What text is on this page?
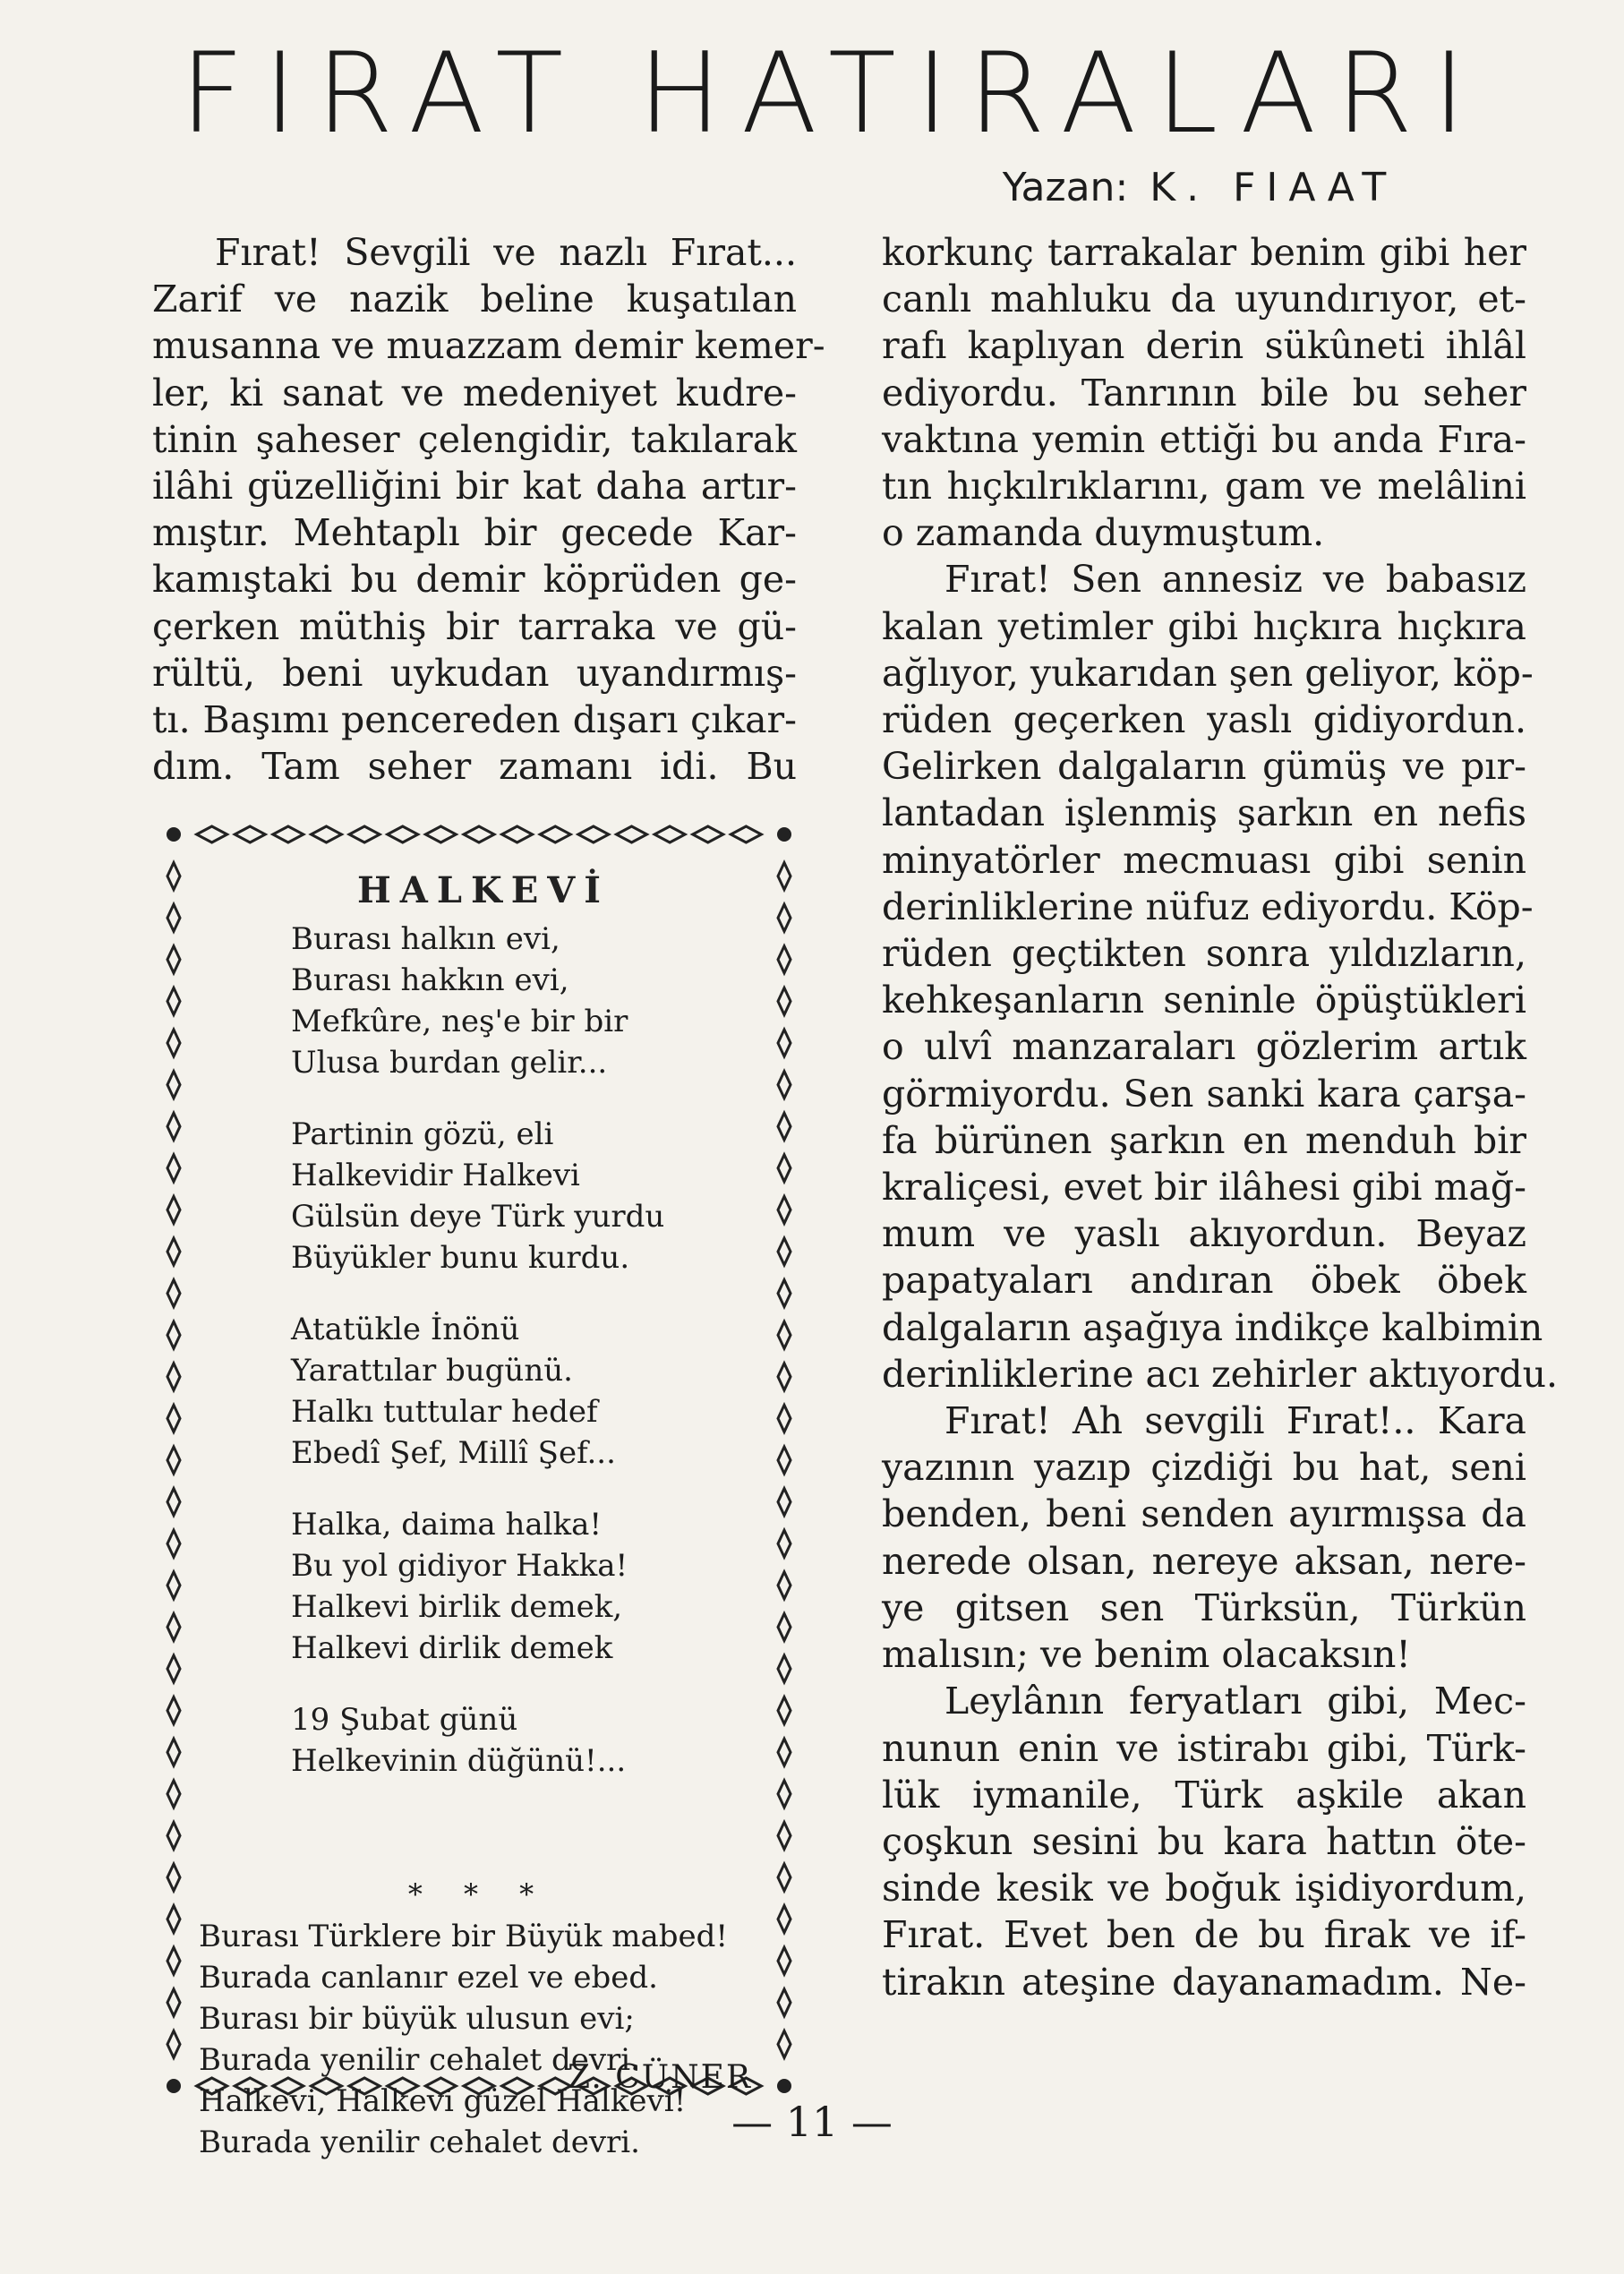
FIRAT HATIRALARI
Yazan: K. FIAAT
Fırat! Sevgili ve nazlı Fırat...
Zarif ve nazik beline kuşatılan
musanna ve muazzam demir kemer-
ler, ki sanat ve medeniyet kudre-
tinin şaheser çelengidir, takılarak
ilâhi güzelliğini bir kat daha artır-
mıştır. Mehtaplı bir gecede Kar-
kamıştaki bu demir köprüden ge-
çerken müthiş bir tarraka ve gü-
rültü, beni uykudan uyandırmış-
tı. Başımı pencereden dışarı çıkar-
dım. Tam seher zamanı idi. Bu
korkunç tarrakalar benim gibi her
canlı mahluku da uyundırıyor, et-
rafı kaplıyan derin sükûneti ihlâl
ediyordu. Tanrının bile bu seher
vaktına yemin ettiği bu anda Fıra-
tın hıçkılrıklarını, gam ve melâlini
o zamanda duymuştum.
Fırat! Sen annesiz ve babasız
kalan yetimler gibi hıçkıra hıçkıra
ağlıyor, yukarıdan şen geliyor, köp-
rüden geçerken yaslı gidiyordun.
Gelirken dalgaların gümüş ve pır-
lantadan işlenmiş şarkın en nefis
minyatörler mecmuası gibi senin
derinliklerine nüfuz ediyordu. Köp-
rüden geçtikten sonra yıldızların,
kehkeşanların seninle öpüştükleri
o ulvî manzaraları gözlerim artık
görmiyordu. Sen sanki kara çarşa-
fa bürünen şarkın en menduh bir
kraliçesi, evet bir ilâhesi gibi mağ-
mum ve yaslı akıyordun. Beyaz
papatyaları andıran öbek öbek
dalgaların aşağıya indikçe kalbimin
derinliklerine acı zehirler aktıyordu.
Fırat! Ah sevgili Fırat!.. Kara
yazının yazıp çizdiği bu hat, seni
benden, beni senden ayırmışsa da
nerede olsan, nereye aksan, nere-
ye gitsen sen Türksün, Türkün
malısın; ve benim olacaksın!
Leylânın feryatları gibi, Mec-
nunun enin ve istirabı gibi, Türk-
lük iymanile, Türk aşkile akan
çoşkun sesini bu kara hattın öte-
sinde kesik ve boğuk işidiyordum,
Fırat. Evet ben de bu firak ve if-
tirakın ateşine dayanamadım. Ne-
HALKEVİ
Burası halkın evi,
Burası hakkın evi,
Mefkûre, neş'e bir bir
Ulusa burdan gelir...
Partinin gözü, eli
Halkevidir Halkevi
Gülsün deye Türk yurdu
Büyükler bunu kurdu.
Atatükle İnönü
Yarattılar bugünü.
Halkı tuttular hedef
Ebedî Şef, Millî Şef...
Halka, daima halka!
Bu yol gidiyor Hakka!
Halkevi birlik demek,
Halkevi dirlik demek
19 Şubat günü
Helkevinin düğünü!...
* * *
Burası Türklere bir Büyük mabed!
Burada canlanır ezel ve ebed.
Burası bir büyük ulusun evi;
Burada yenilir cehalet devri.
Halkevi, Halkevi güzel Halkevi!
Burada yenilir cehalet devri.
Z. CÜNER
— 11 —
